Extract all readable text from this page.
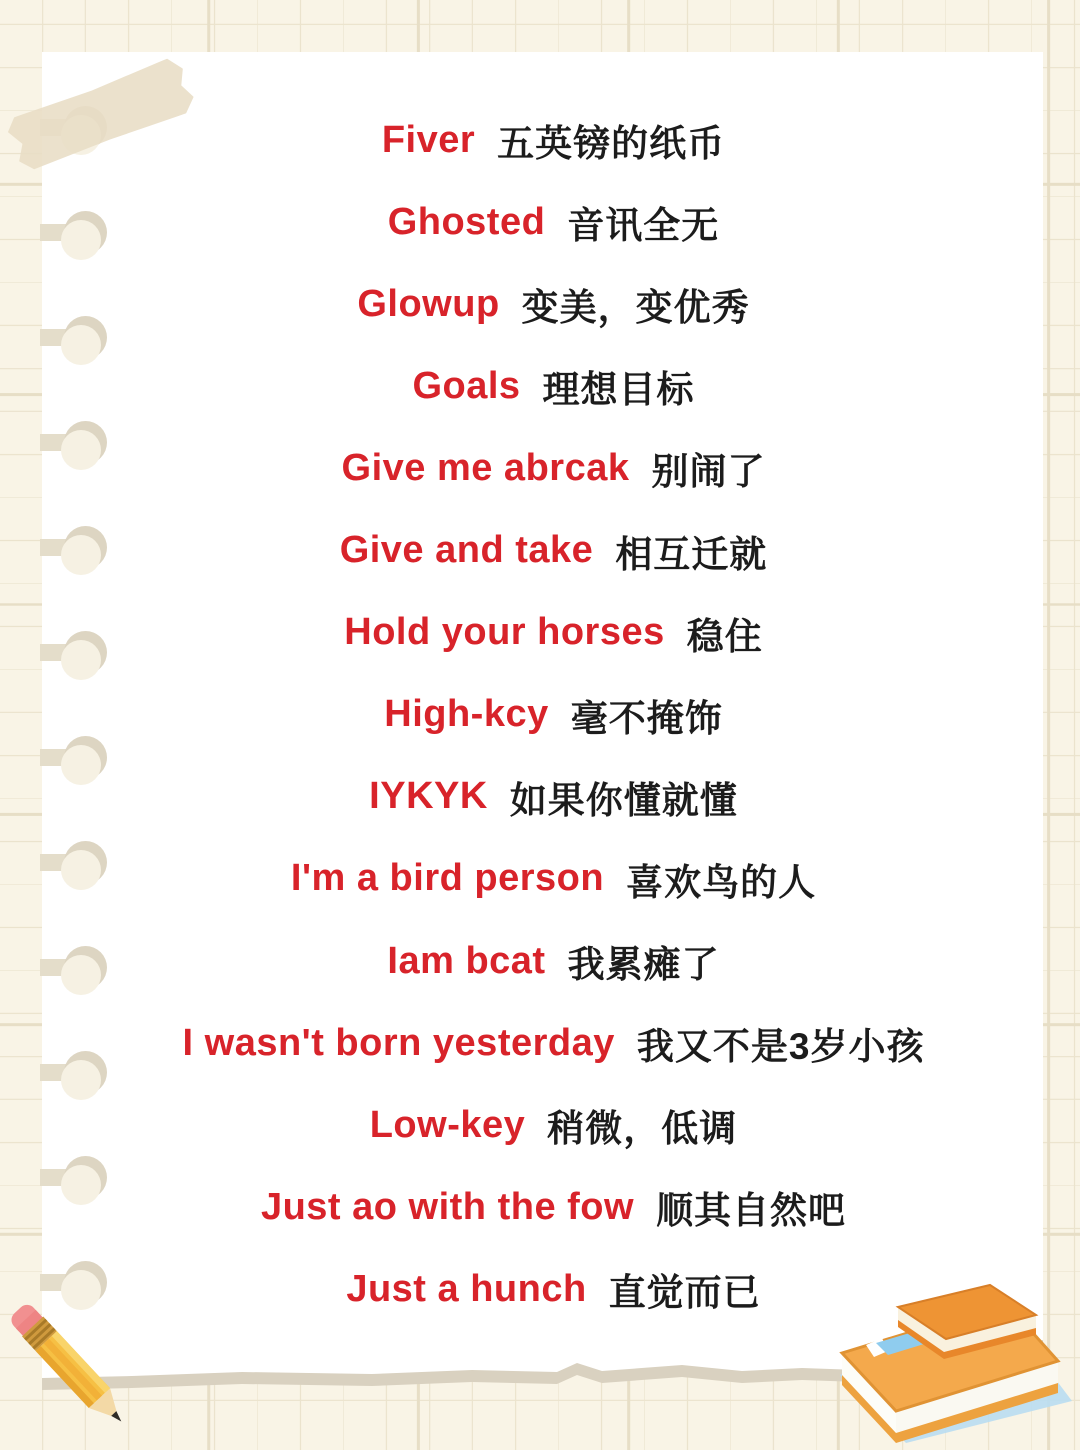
Fiver 五英镑的纸币
Ghosted 音讯全无
Glowup 变美，变优秀
Goals 理想目标
Give me abrcak 别闹了
Give and take 相互迁就
Hold your horses 稳住
High-kcy 毫不掩饰
IYKYK 如果你懂就懂
I'm a bird person 喜欢鸟的人
Iam bcat 我累瘫了
I wasn't born yesterday 我又不是3岁小孩
Low-key 稍微，低调
Just ao with the fow 顺其自然吧
Just a hunch 直觉而已
